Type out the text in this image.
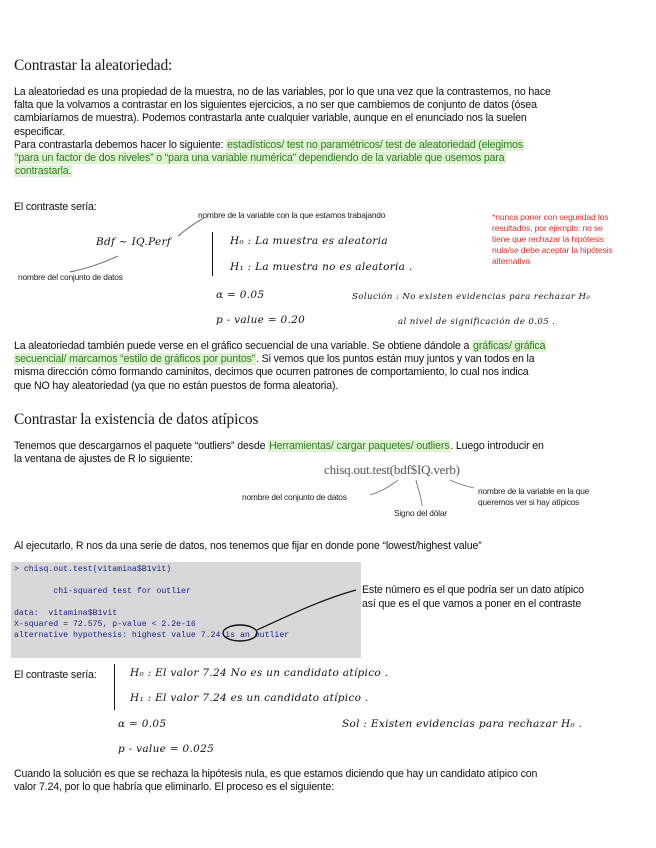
Contrastar la aleatoriedad:
La aleatoriedad es una propiedad de la muestra, no de las variables, por lo que una vez que la contrastemos, no hace
falta que la volvamos a contrastar en los siguientes ejercicios, a no ser que cambiemos de conjunto de datos (ósea
cambiaríamos de muestra). Podemos contrastarla ante cualquier variable, aunque en el enunciado nos la suelen
especificar.
Para contrastarla debemos hacer lo siguiente: estadísticos/ test no paramétricos/ test de aleatoriedad (elegimos
“para un factor de dos niveles” o “para una variable numérica” dependiendo de la variable que usemos para
contrastarla.
El contraste sería:
nombre de la variable con la que estamos trabajando
nombre del conjunto de datos
*nunca poner con seguridad los
resultados, por ejemplo: no se
tiene que rechazar la hipótesis
nula/se debe aceptar la hipótesis
alternativa
Bdf ~ IQ.Perf	H₀ : La muestra es aleatoria
H₁ : La muestra no es aleatoria .
α = 0.05	Solución : No existen evidencias para rechazar H₀
p - value = 0.20	al nivel de significación de 0.05 .
La aleatoriedad también puede verse en el gráfico secuencial de una variable. Se obtiene dándole a gráficas/ gráfica
secuencial/ marcamos “estilo de gráficos por puntos”. Si vemos que los puntos están muy juntos y van todos en la
misma dirección cómo formando caminitos, decimos que ocurren patrones de comportamiento, lo cual nos indica
que NO hay aleatoriedad (ya que no están puestos de forma aleatoria).
Contrastar la existencia de datos atípicos
Tenemos que descargarnos el paquete “outliers” desde Herramientas/ cargar paquetes/ outliers. Luego introducir en
la ventana de ajustes de R lo siguiente:
chisq.out.test(bdf$IQ.verb)
nombre del conjunto de datos
Signo del dólar
nombre de la variable en la que
queremos ver si hay atípicos
Al ejecutarlo, R nos da una serie de datos, nos tenemos que fijar en donde pone “lowest/highest value”
> chisq.out.test(vitamina$B1vit)
chi-squared test for outlier
data:  vitamina$B1vit
X-squared = 72.575, p-value < 2.2e-16
alternative hypothesis: highest value 7.24 is an outlier
Este número es el que podría ser un dato atípico
así que es el que vamos a poner en el contraste
El contraste sería:	H₀ : El valor 7.24 No es un candidato atípico .
H₁ : El valor 7.24 es un candidato atípico .
α = 0.05	Sol : Existen evidencias para rechazar H₀ .
p - value = 0.025
Cuando la solución es que se rechaza la hipótesis nula, es que estamos diciendo que hay un candidato atípico con
valor 7.24, por lo que habría que eliminarlo. El proceso es el siguiente:
